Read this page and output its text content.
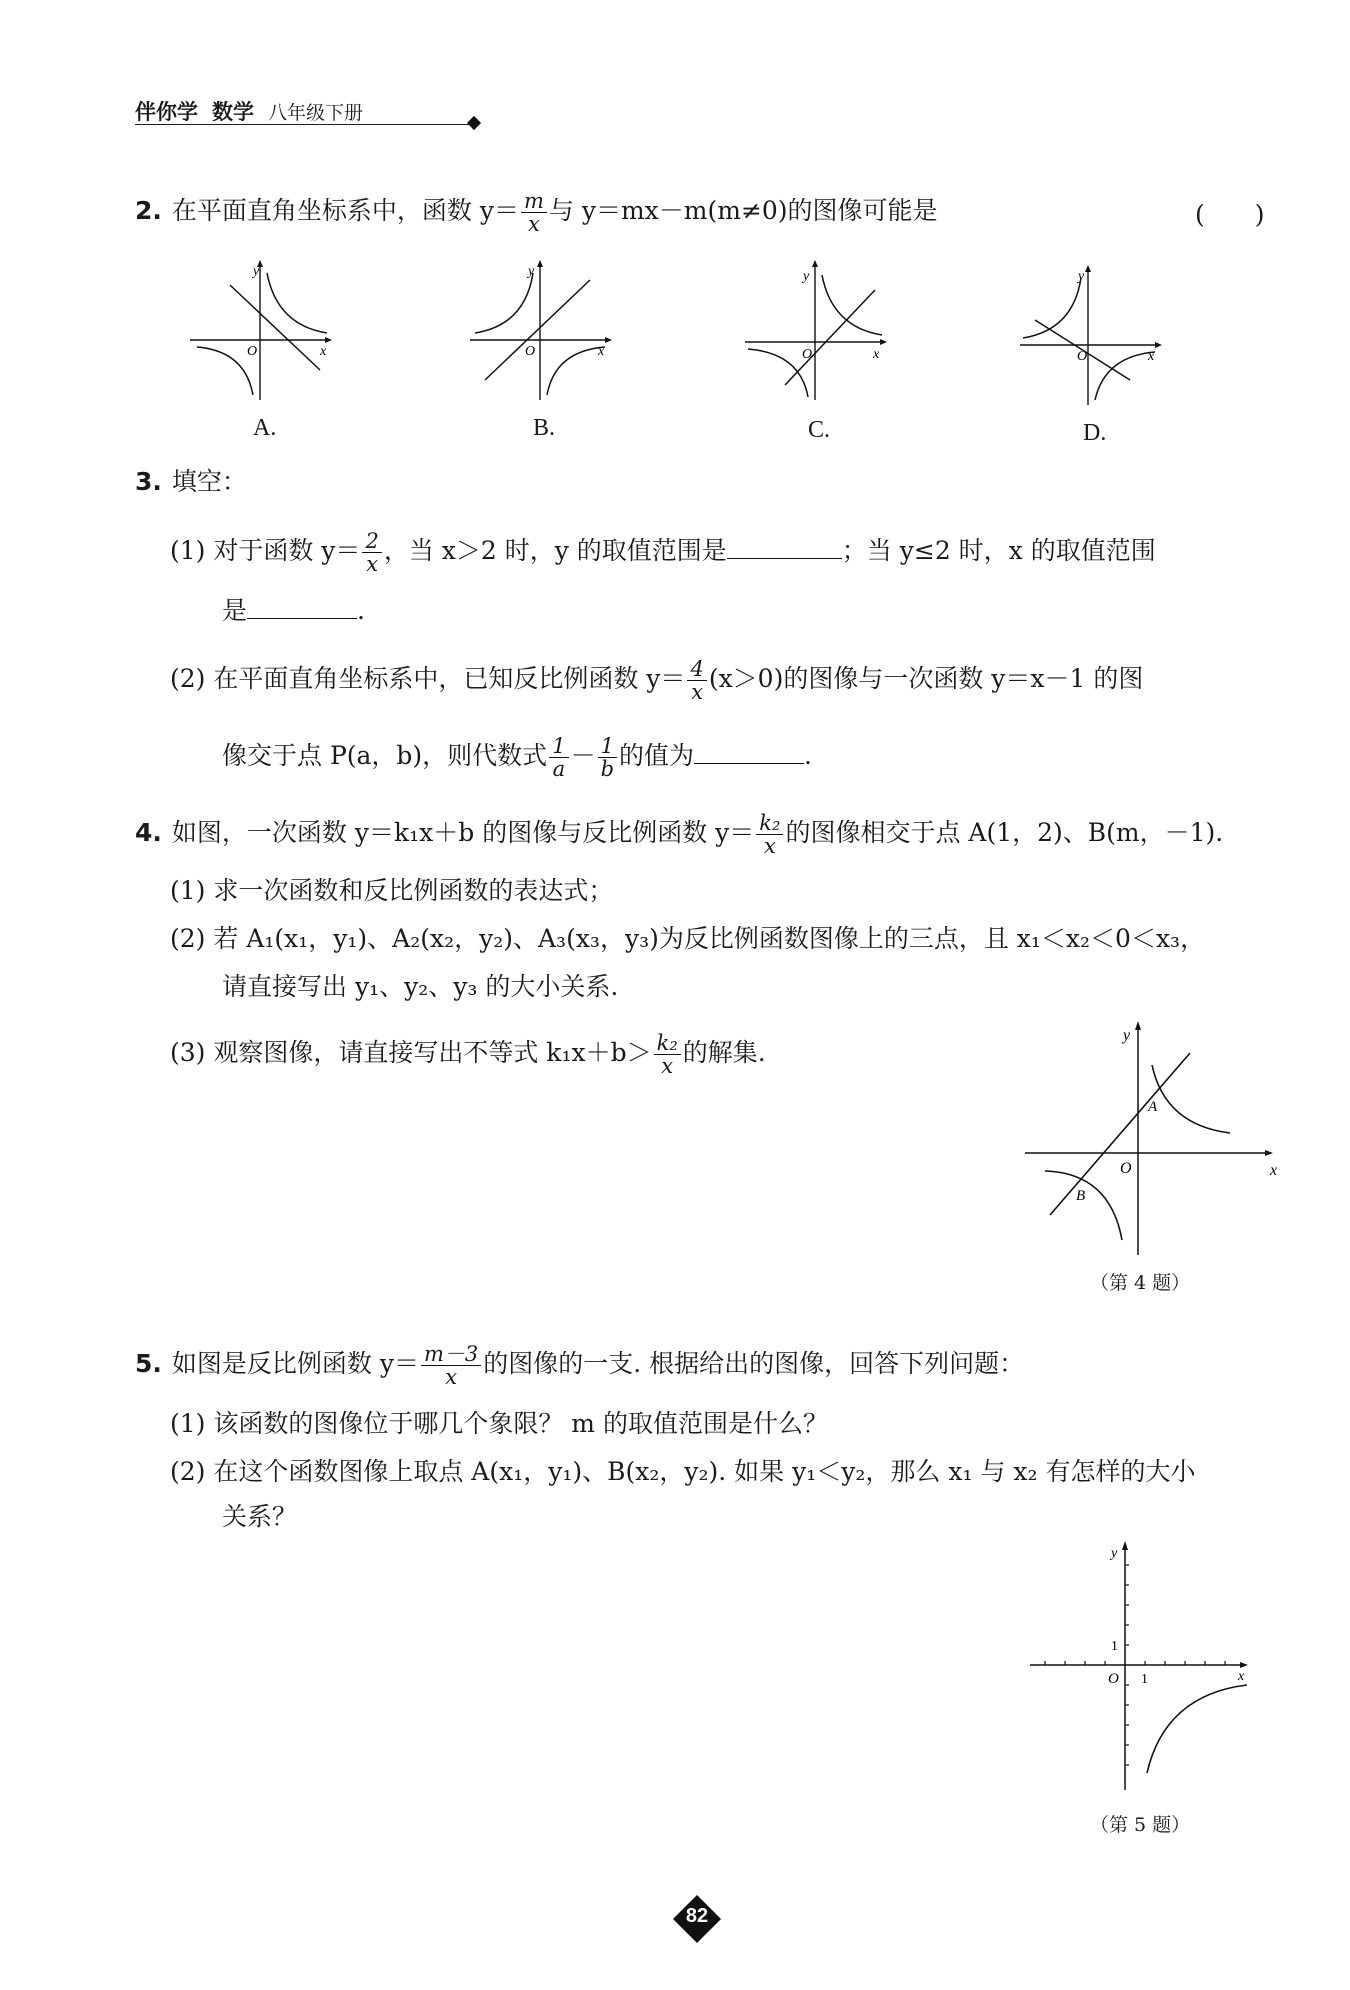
伴你学 数学 八年级下册
2. 在平面直角坐标系中，函数 $y= \frac{m}{x}$ 与 y＝mx－m(m≠0)的图像可能是	(　　)
y
x
O
A.
y
x
O
B.
y
x
O
C.
y
x
O
D.
3. 填空：
(1) 对于函数 $y= \frac{2}{x}$ ，当 x＞2 时，y 的取值范围是	；当 y≤2 时，x 的取值范围
是	.
(2) 在平面直角坐标系中，已知反比例函数 $y= \frac{4}{x} (x>0)$的图像与一次函数 y＝x－1 的图
像交于点 P(a，b)，则代数式 $\frac{1}{a} - \frac{1}{b}$ 的值为	.
4. 如图，一次函数 y＝k₁x＋b 的图像与反比例函数 $y= \frac{\text{k₂}}{x}$ 的图像相交于点 A(1，2)、B(m，－1).
(1) 求一次函数和反比例函数的表达式；
(2) 若 A₁(x₁，y₁)、A₂(x₂，y₂)、A₃(x₃，y₃)为反比例函数图像上的三点，且 x₁＜x₂＜0＜x₃，
请直接写出 y₁、y₂、y₃ 的大小关系.
(3) 观察图像，请直接写出不等式 $k_1x+b> \frac{\text{k₂}}{x}$ 的解集.
y
x
O
A
B
（第 4 题）
5. 如图是反比例函数 $y= \frac{m-3}{x}$ 的图像的一支. 根据给出的图像，回答下列问题：
(1) 该函数的图像位于哪几个象限？ m 的取值范围是什么？
(2) 在这个函数图像上取点 A(x₁，y₁)、B(x₂，y₂). 如果 y₁＜y₂，那么 x₁ 与 x₂ 有怎样的大小
关系？
y
x
O 1
1
（第 5 题）
82
